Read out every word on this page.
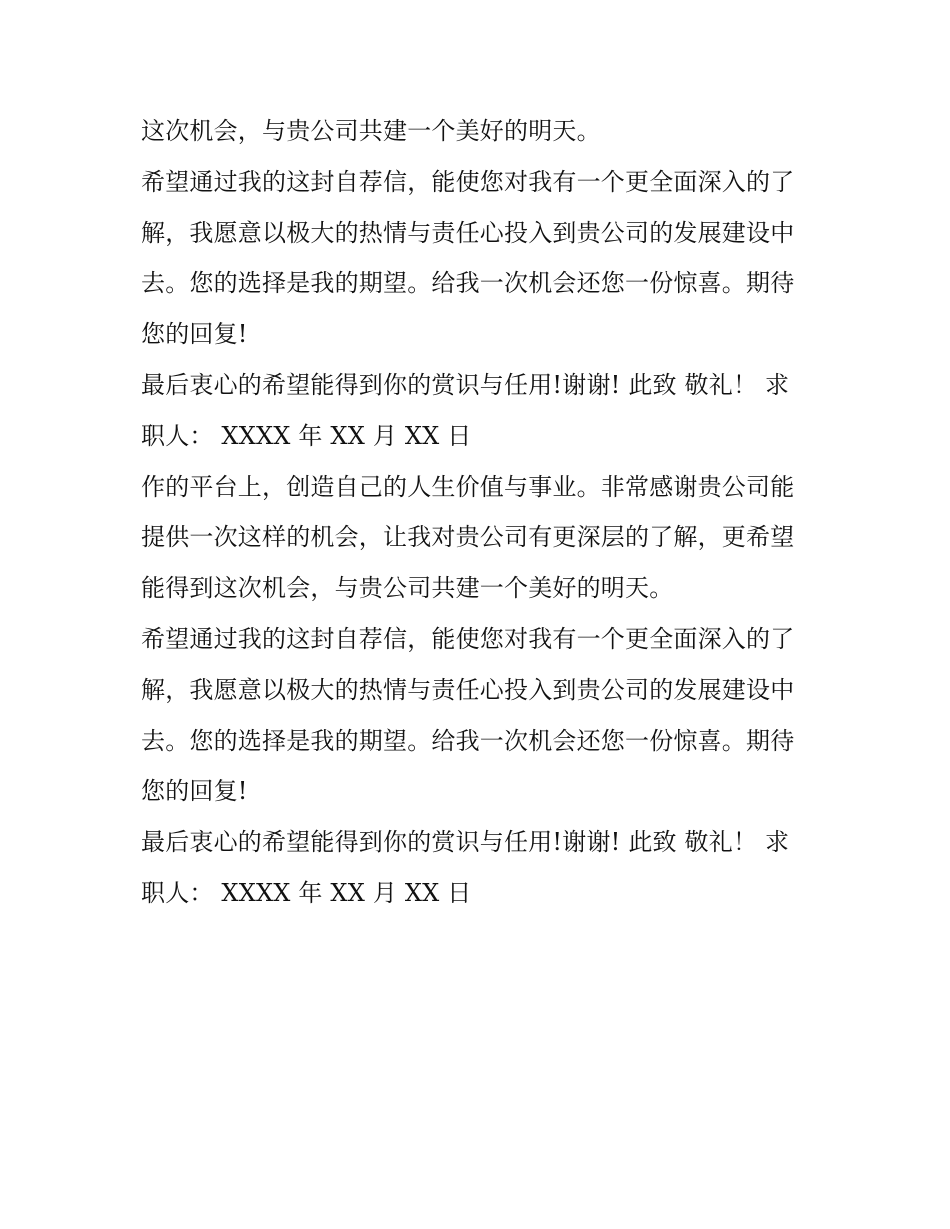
这次机会，与贵公司共建一个美好的明天。
希望通过我的这封自荐信，能使您对我有一个更全面深入的了
解，我愿意以极大的热情与责任心投入到贵公司的发展建设中
去。您的选择是我的期望。给我一次机会还您一份惊喜。期待
您的回复!
最后衷心的希望能得到你的赏识与任用!谢谢! 此致 敬礼！ 求
职人： XXXX 年 XX 月 XX 日
作的平台上，创造自己的人生价值与事业。非常感谢贵公司能
提供一次这样的机会，让我对贵公司有更深层的了解，更希望
能得到这次机会，与贵公司共建一个美好的明天。
希望通过我的这封自荐信，能使您对我有一个更全面深入的了
解，我愿意以极大的热情与责任心投入到贵公司的发展建设中
去。您的选择是我的期望。给我一次机会还您一份惊喜。期待
您的回复!
最后衷心的希望能得到你的赏识与任用!谢谢! 此致 敬礼！ 求
职人： XXXX 年 XX 月 XX 日
